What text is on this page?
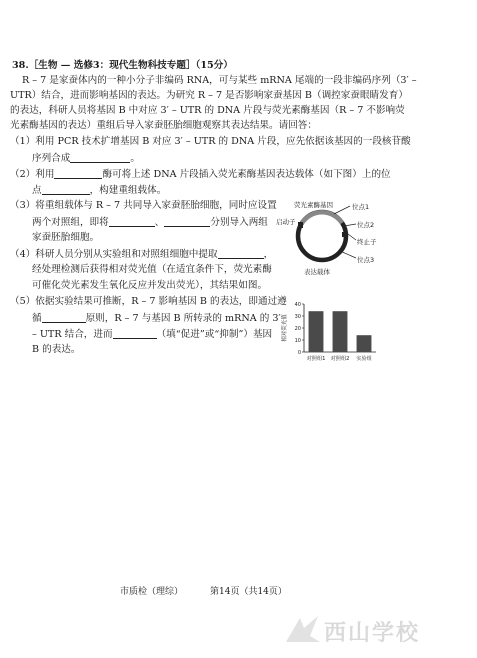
38.［生物 — 选修3：现代生物科技专题］（15分）
R – 7 是家蚕体内的一种小分子非编码 RNA，可与某些 mRNA 尾端的一段非编码序列（3′ –
UTR）结合，进而影响基因的表达。为研究 R – 7 是否影响家蚕基因 B（调控家蚕眼睛发育）
的表达，科研人员将基因 B 中对应 3′ – UTR 的 DNA 片段与荧光素酶基因（R – 7 不影响荧
光素酶基因的表达）重组后导入家蚕胚胎细胞观察其表达结果。请回答：
（1）利用 PCR 技术扩增基因 B 对应 3′ – UTR 的 DNA 片段，应先依据该基因的一段核苷酸
序列合成	。
（2）利用	酶可将上述 DNA 片段插入荧光素酶基因表达载体（如下图）上的位
点	，构建重组载体。
（3）将重组载体与 R – 7 共同导入家蚕胚胎细胞，同时应设置
两个对照组，即将	、	分别导入两组
家蚕胚胎细胞。
（4）科研人员分别从实验组和对照组细胞中提取	，
经处理检测后获得相对荧光值（在适宜条件下，荧光素酶
可催化荧光素发生氧化反应并发出荧光），其结果如图。
（5）依据实验结果可推断，R – 7 影响基因 B 的表达，即通过遵
循	原则，R – 7 与基因 B 所转录的 mRNA 的 3′
– UTR 结合，进而	（填“促进”或“抑制”）基因
B 的表达。
荧光素酶基因
启动子
位点1
位点2
终止子
位点3
表达载体
40
30
20
10
0
对照组1 对照组2 实验组
相对荧光值
市质检（理综）	第14页（共14页）
西山学校
